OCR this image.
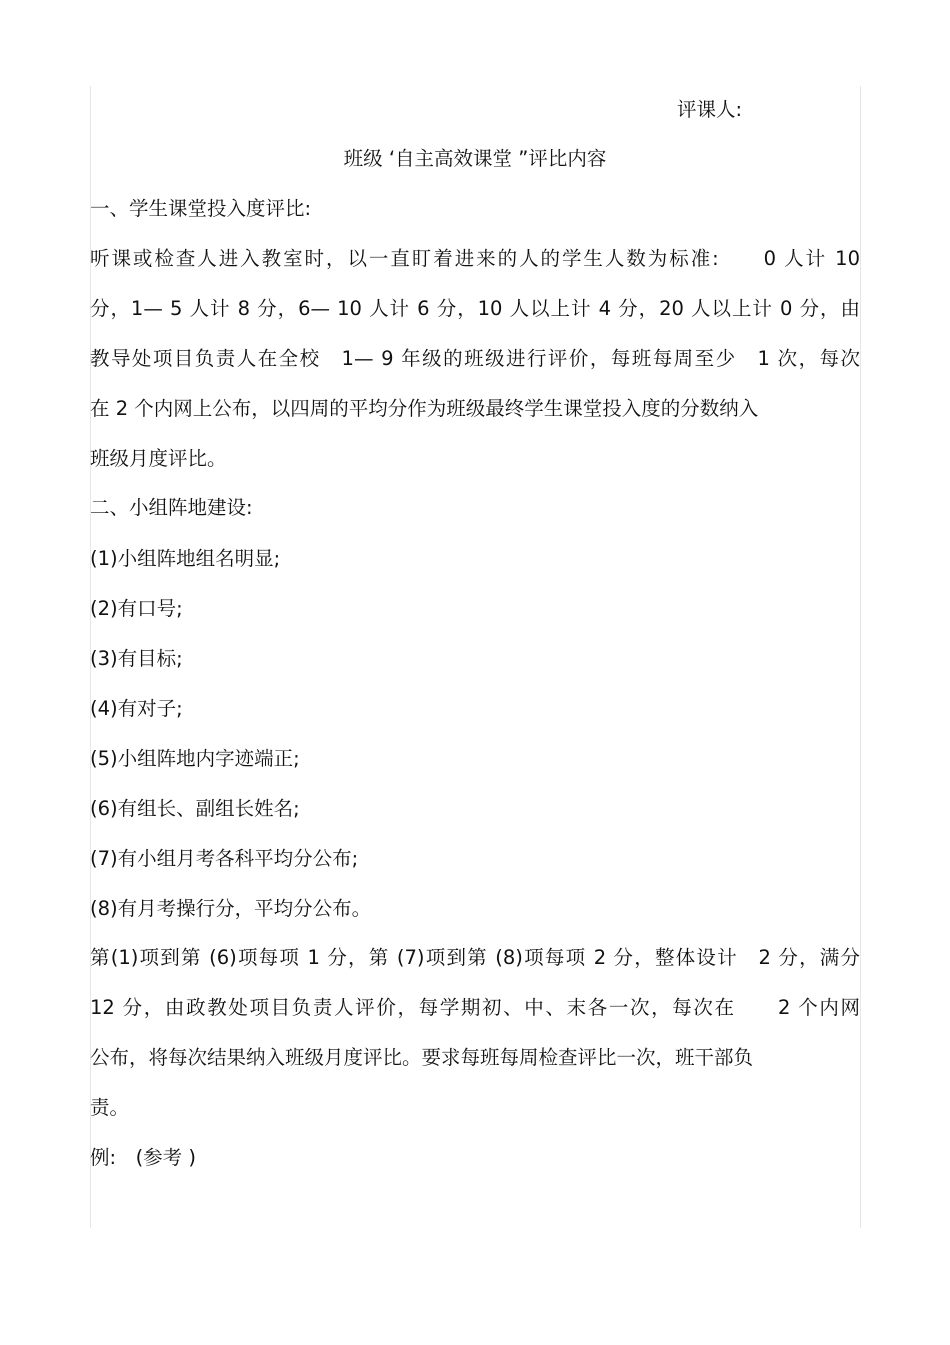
评课人:

班级 ‘自主高效课堂 ”评比内容

一、学生课堂投入度评比:

听课或检查人进入教室时，以一直盯着进来的人的学生人数为标准:　　0 人计 10

分，1— 5 人计 8 分，6— 10 人计 6 分，10 人以上计 4 分，20 人以上计 0 分，由

教导处项目负责人在全校　1— 9 年级的班级进行评价，每班每周至少　1 次，每次

在 2 个内网上公布，以四周的平均分作为班级最终学生课堂投入度的分数纳入

班级月度评比。

二、小组阵地建设:

(1)小组阵地组名明显;

(2)有口号;

(3)有目标;

(4)有对子;

(5)小组阵地内字迹端正;

(6)有组长、副组长姓名;

(7)有小组月考各科平均分公布;

(8)有月考操行分，平均分公布。

第(1)项到第 (6)项每项 1 分，第 (7)项到第 (8)项每项 2 分，整体设计　2 分，满分

12 分，由政教处项目负责人评价，每学期初、中、末各一次，每次在　　2 个内网

公布，将每次结果纳入班级月度评比。要求每班每周检查评比一次，班干部负

责。

例:　(参考 )
